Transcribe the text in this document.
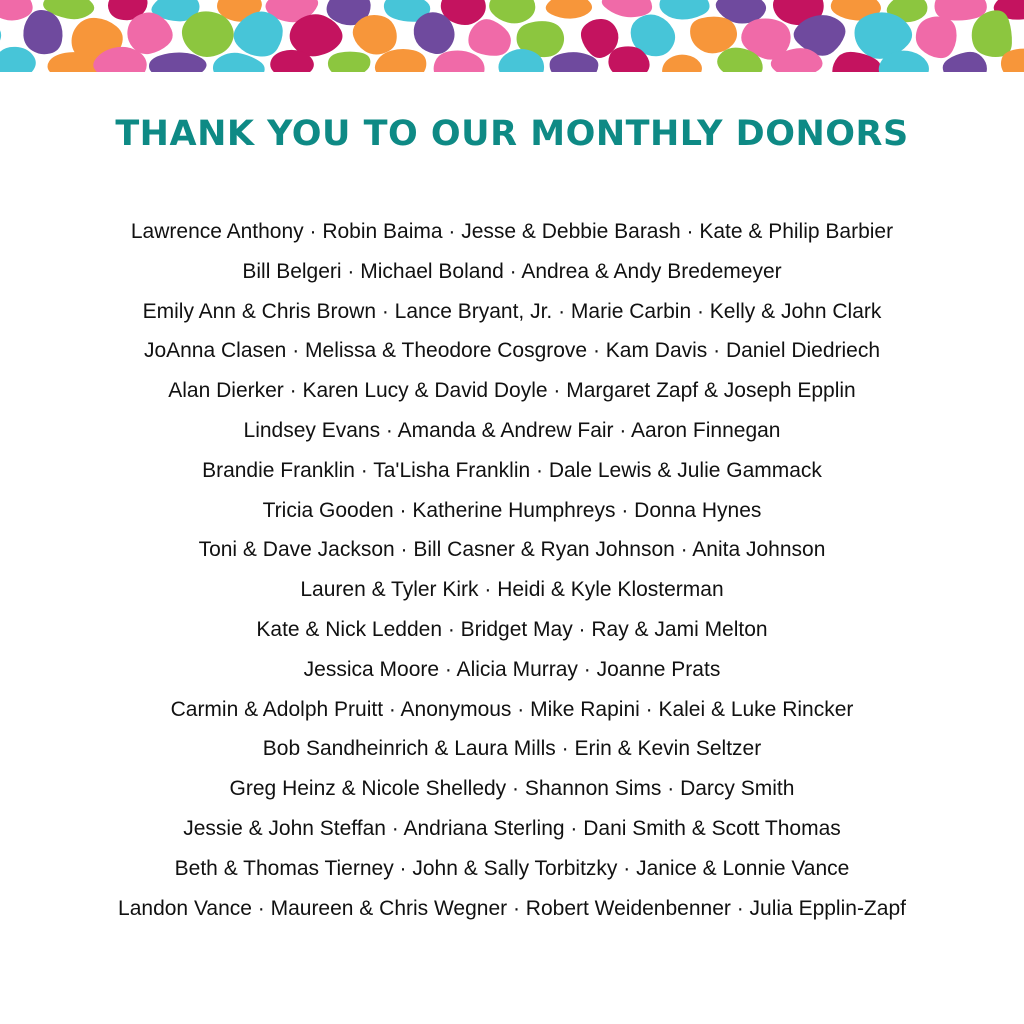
THANK YOU TO OUR MONTHLY DONORS
Lawrence Anthony · Robin Baima · Jesse & Debbie Barash · Kate & Philip Barbier
Bill Belgeri · Michael Boland · Andrea & Andy Bredemeyer
Emily Ann & Chris Brown · Lance Bryant, Jr. · Marie Carbin · Kelly & John Clark
JoAnna Clasen · Melissa & Theodore Cosgrove · Kam Davis · Daniel Diedriech
Alan Dierker · Karen Lucy & David Doyle · Margaret Zapf & Joseph Epplin
Lindsey Evans · Amanda & Andrew Fair · Aaron Finnegan
Brandie Franklin · Ta'Lisha Franklin · Dale Lewis & Julie Gammack
Tricia Gooden · Katherine Humphreys · Donna Hynes
Toni & Dave Jackson · Bill Casner & Ryan Johnson · Anita Johnson
Lauren & Tyler Kirk · Heidi & Kyle Klosterman
Kate & Nick Ledden · Bridget May · Ray & Jami Melton
Jessica Moore · Alicia Murray · Joanne Prats
Carmin & Adolph Pruitt · Anonymous · Mike Rapini · Kalei & Luke Rincker
Bob Sandheinrich & Laura Mills · Erin & Kevin Seltzer
Greg Heinz & Nicole Shelledy · Shannon Sims · Darcy Smith
Jessie & John Steffan · Andriana Sterling · Dani Smith & Scott Thomas
Beth & Thomas Tierney · John & Sally Torbitzky · Janice & Lonnie Vance
Landon Vance · Maureen & Chris Wegner · Robert Weidenbenner · Julia Epplin-Zapf
